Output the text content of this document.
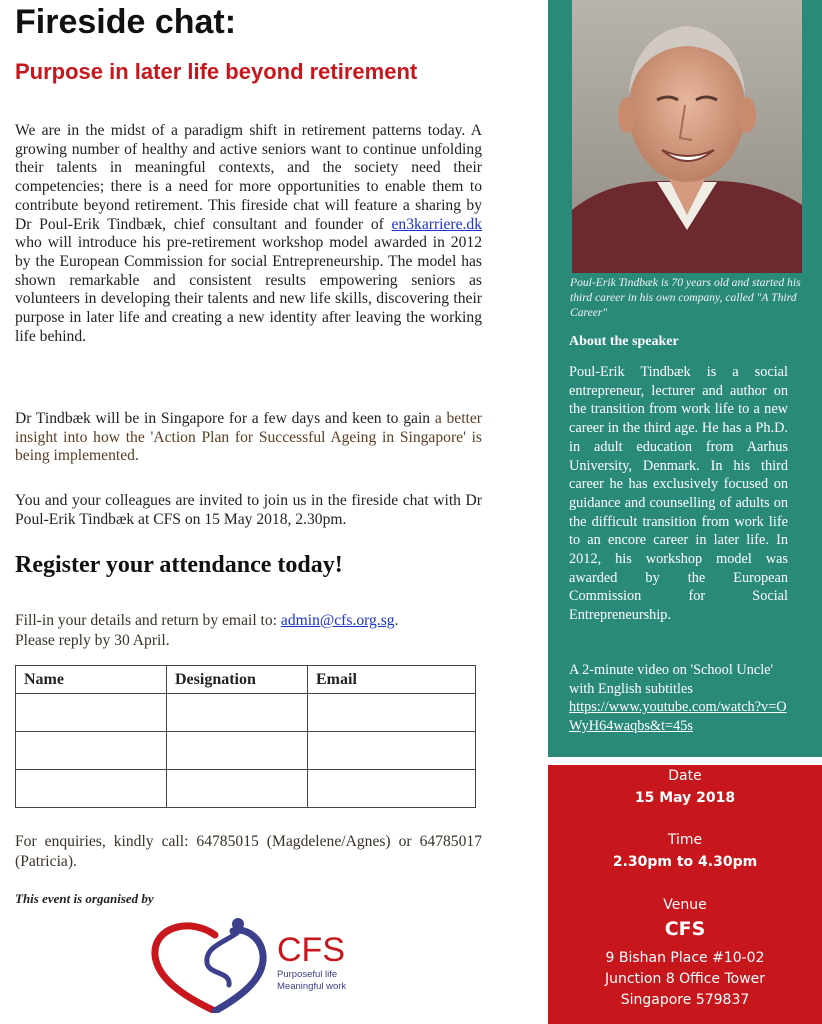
Fireside chat:
Purpose in later life beyond retirement

We are in the midst of a paradigm shift in retirement patterns today. A growing number of healthy and active seniors want to continue unfolding their talents in meaningful contexts, and the society need their competencies; there is a need for more opportunities to enable them to contribute beyond retirement. This fireside chat will feature a sharing by Dr Poul-Erik Tindbæk, chief consultant and founder of en3karriere.dk who will introduce his pre-retirement workshop model awarded in 2012 by the European Commission for social Entrepreneurship. The model has shown remarkable and consistent results empowering seniors as volunteers in developing their talents and new life skills, discovering their purpose in later life and creating a new identity after leaving the working life behind.

Dr Tindbæk will be in Singapore for a few days and keen to gain a better insight into how the 'Action Plan for Successful Ageing in Singapore' is being implemented.

You and your colleagues are invited to join us in the fireside chat with Dr Poul-Erik Tindbæk at CFS on 15 May 2018, 2.30pm.

Register your attendance today!

Fill-in your details and return by email to: admin@cfs.org.sg.
Please reply by 30 April.

Name	Designation	Email

For enquiries, kindly call: 64785015 (Magdelene/Agnes) or 64785017 (Patricia).

This event is organised by

CFS
Purposeful life
Meaningful work

Poul-Erik Tindbæk is 70 years old and started his third career in his own company, called "A Third Career"

About the speaker

Poul-Erik Tindbæk is a social entrepreneur, lecturer and author on the transition from work life to a new career in the third age. He has a Ph.D. in adult education from Aarhus University, Denmark. In his third career he has exclusively focused on guidance and counselling of adults on the difficult transition from work life to an encore career in later life. In 2012, his workshop model was awarded by the European Commission for Social Entrepreneurship.

A 2-minute video on 'School Uncle' with English subtitles
https://www.youtube.com/watch?v=OWyH64waqbs&t=45s

Date

15 May 2018

Time

2.30pm to 4.30pm

Venue

CFS

9 Bishan Place #10-02
Junction 8 Office Tower
Singapore 579837
